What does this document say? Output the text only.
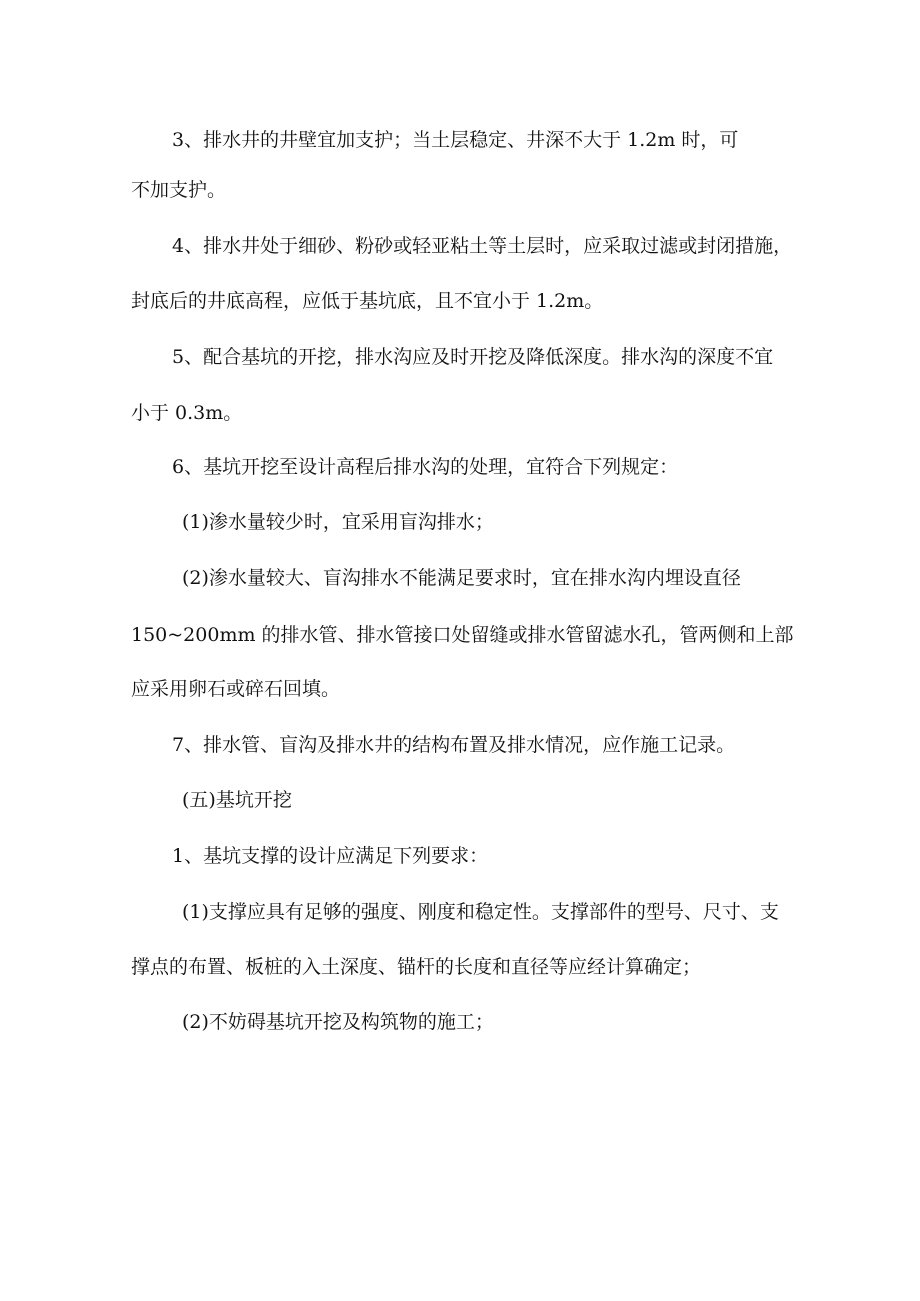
3、排水井的井壁宜加支护；当土层稳定、井深不大于 1.2m 时，可
不加支护。
4、排水井处于细砂、粉砂或轻亚粘土等土层时，应采取过滤或封闭措施，
封底后的井底高程，应低于基坑底，且不宜小于 1.2m。
5、配合基坑的开挖，排水沟应及时开挖及降低深度。排水沟的深度不宜
小于 0.3m。
6、基坑开挖至设计高程后排水沟的处理，宜符合下列规定：
(1)渗水量较少时，宜采用盲沟排水；
(2)渗水量较大、盲沟排水不能满足要求时，宜在排水沟内埋设直径
150~200mm 的排水管、排水管接口处留缝或排水管留滤水孔，管两侧和上部
应采用卵石或碎石回填。
7、排水管、盲沟及排水井的结构布置及排水情况，应作施工记录。
(五)基坑开挖
1、基坑支撑的设计应满足下列要求：
(1)支撑应具有足够的强度、刚度和稳定性。支撑部件的型号、尺寸、支
撑点的布置、板桩的入土深度、锚杆的长度和直径等应经计算确定；
(2)不妨碍基坑开挖及构筑物的施工；
